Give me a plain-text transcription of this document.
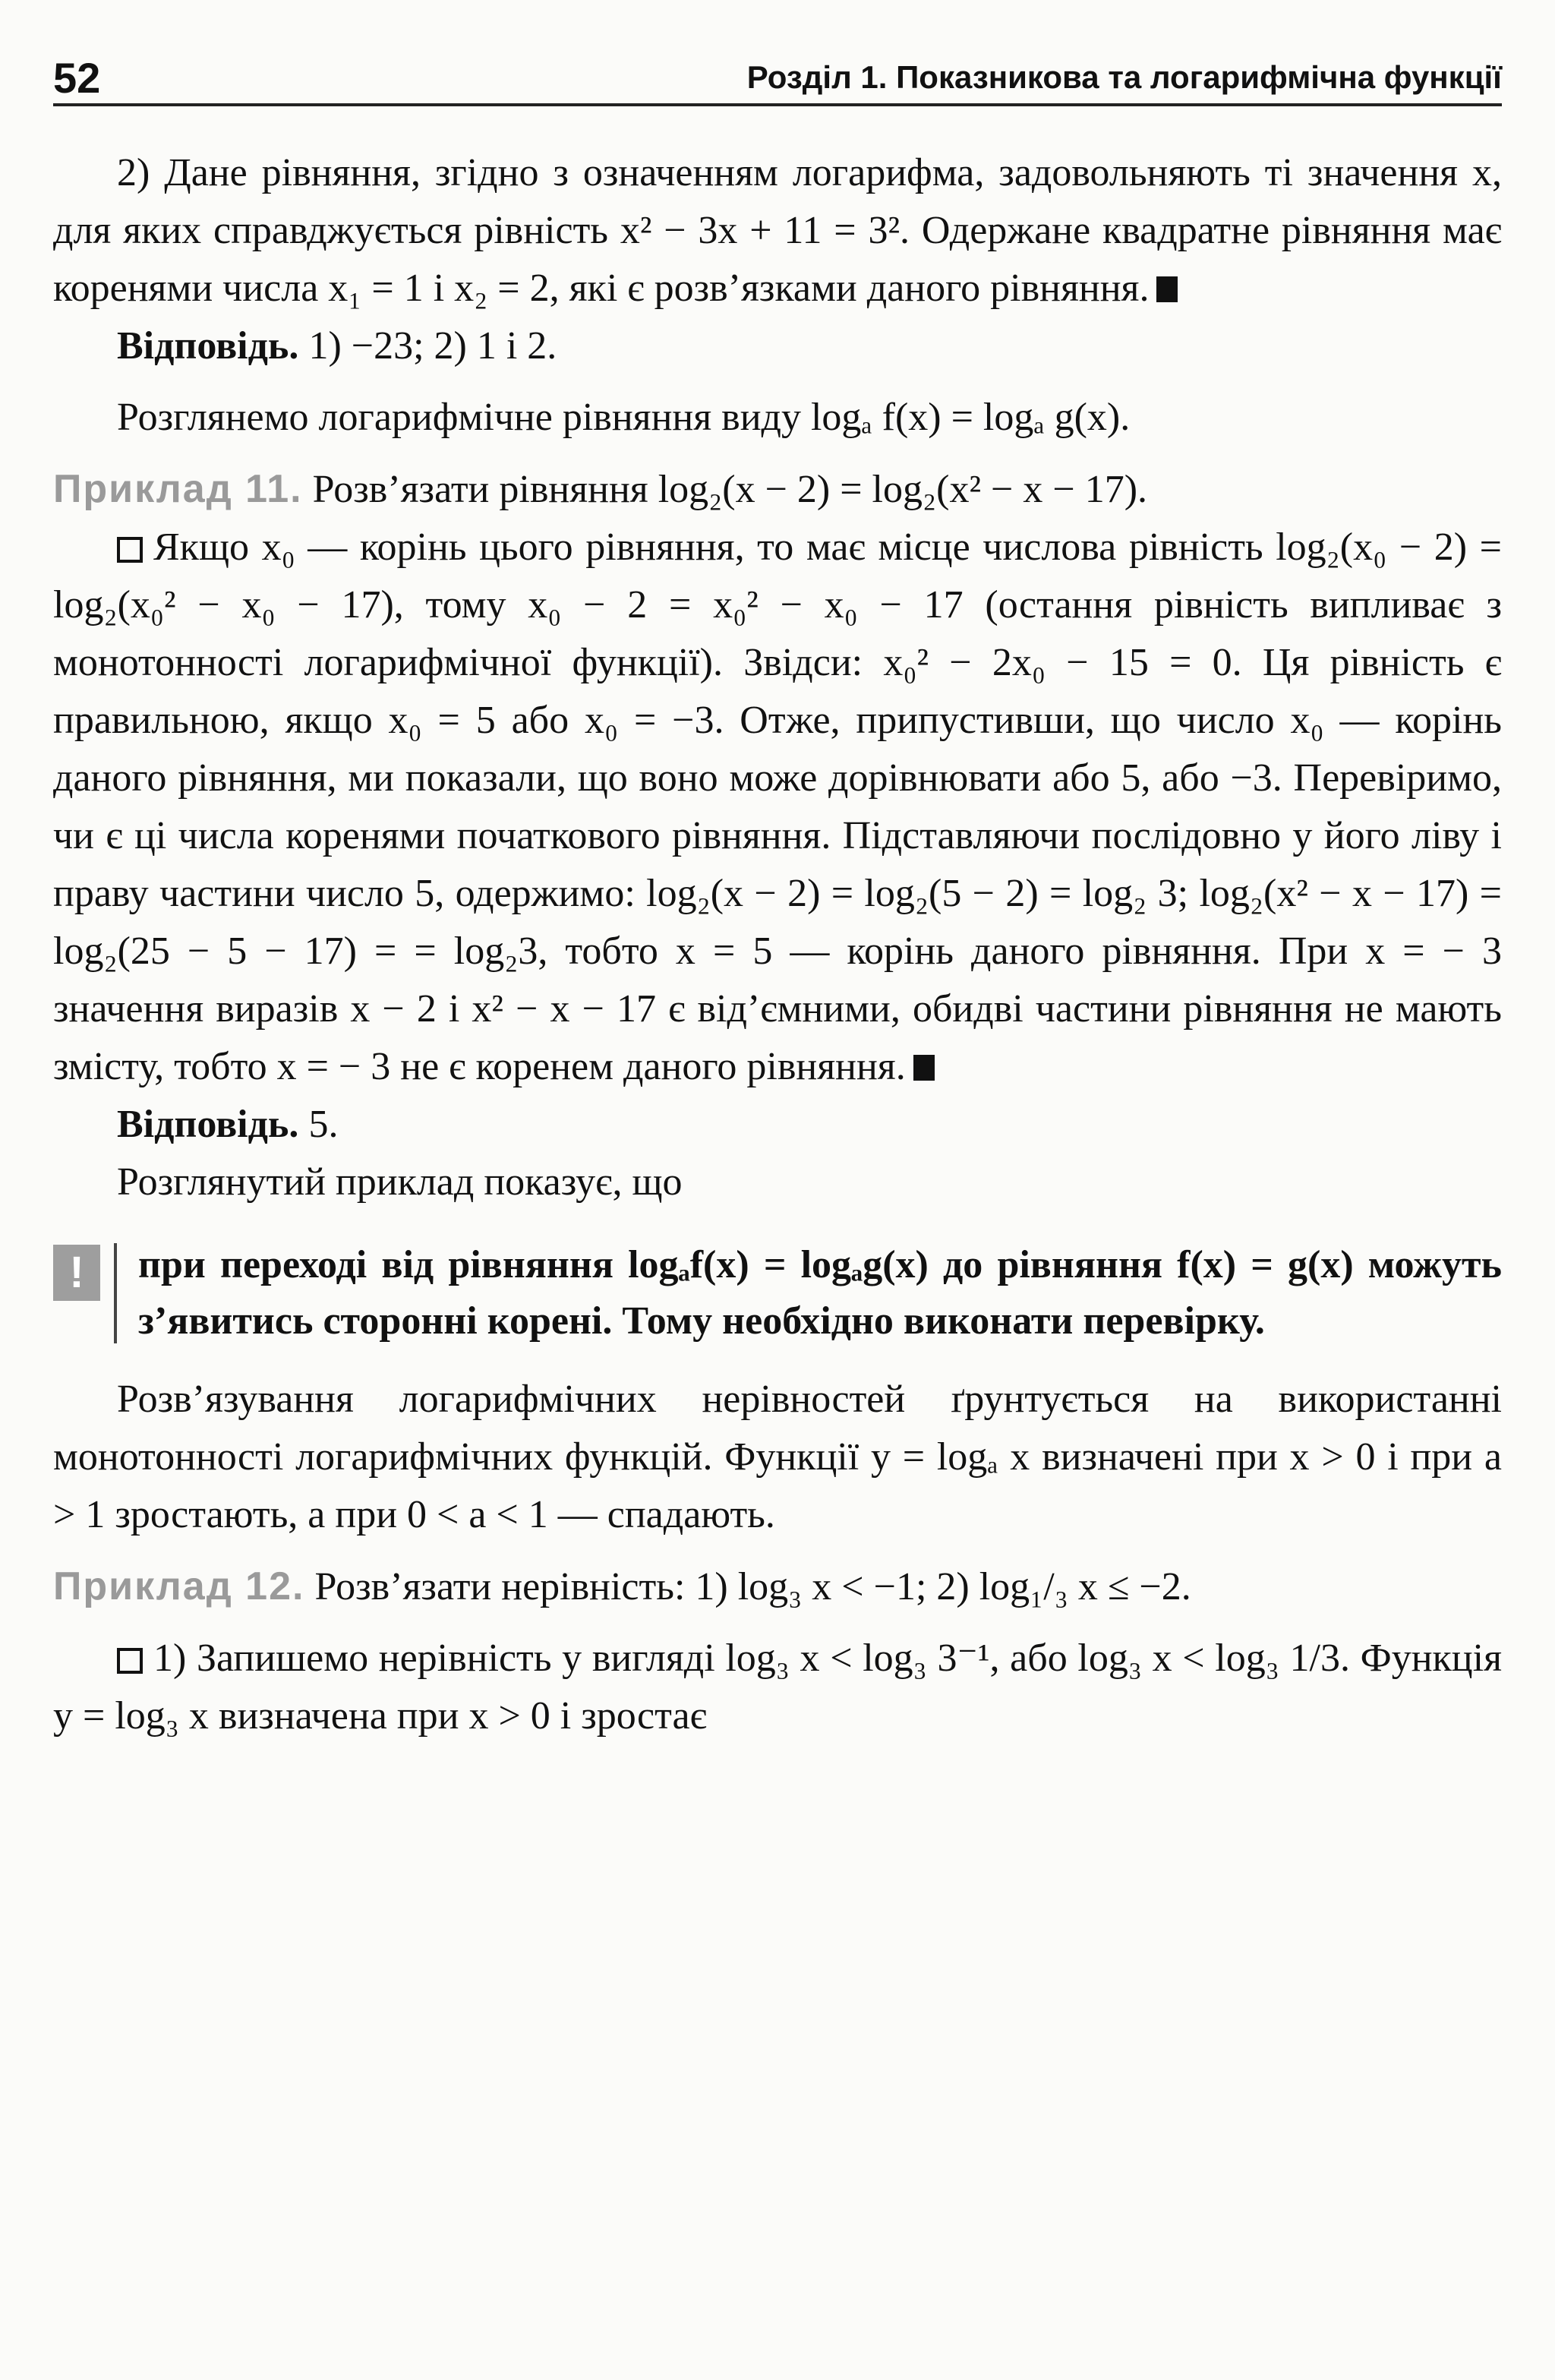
52	Розділ 1. Показникова та логарифмічна функції

2) Дане рівняння, згідно з означенням логарифма, задовольняють ті значення x, для яких справджується рівність x² − 3x + 11 = 3². Одержане квадратне рівняння має коренями числа x₁ = 1 і x₂ = 2, які є розв’язками даного рівняння.

Відповідь. 1) −23; 2) 1 і 2.

Розглянемо логарифмічне рівняння виду logₐ f(x) = logₐ g(x).

Приклад 11. Розв’язати рівняння log₂(x − 2) = log₂(x² − x − 17).

Якщо x₀ — корінь цього рівняння, то має місце числова рівність log₂(x₀ − 2) = log₂(x₀² − x₀ − 17), тому x₀ − 2 = x₀² − x₀ − 17 (остання рівність випливає з монотонності логарифмічної функції). Звідси: x₀² − 2x₀ − 15 = 0. Ця рівність є правильною, якщо x₀ = 5 або x₀ = −3. Отже, припустивши, що число x₀ — корінь даного рівняння, ми показали, що воно може дорівнювати або 5, або −3. Перевіримо, чи є ці числа коренями початкового рівняння. Підставляючи послідовно у його ліву і праву частини число 5, одержимо: log₂(x − 2) = log₂(5 − 2) = log₂ 3; log₂(x² − x − 17) = log₂(25 − 5 − 17) = = log₂3, тобто x = 5 — корінь даного рівняння. При x = − 3 значення виразів x − 2 і x² − x − 17 є від’ємними, обидві частини рівняння не мають змісту, тобто x = − 3 не є коренем даного рівняння.

Відповідь. 5.

Розглянутий приклад показує, що

!	при переході від рівняння logₐf(x) = logₐg(x) до рівняння f(x) = g(x) можуть з’явитись сторонні корені. Тому необхідно виконати перевірку.

Розв’язування логарифмічних нерівностей ґрунтується на використанні монотонності логарифмічних функцій. Функції y = logₐ x визначені при x > 0 і при a > 1 зростають, а при 0 < a < 1 — спадають.

Приклад 12. Розв’язати нерівність: 1) log₃ x < −1; 2) log₁/₃ x ≤ −2.

1) Запишемо нерівність у вигляді log₃ x < log₃ 3⁻¹, або log₃ x < log₃ 1/3. Функція y = log₃ x визначена при x > 0 і зростає
